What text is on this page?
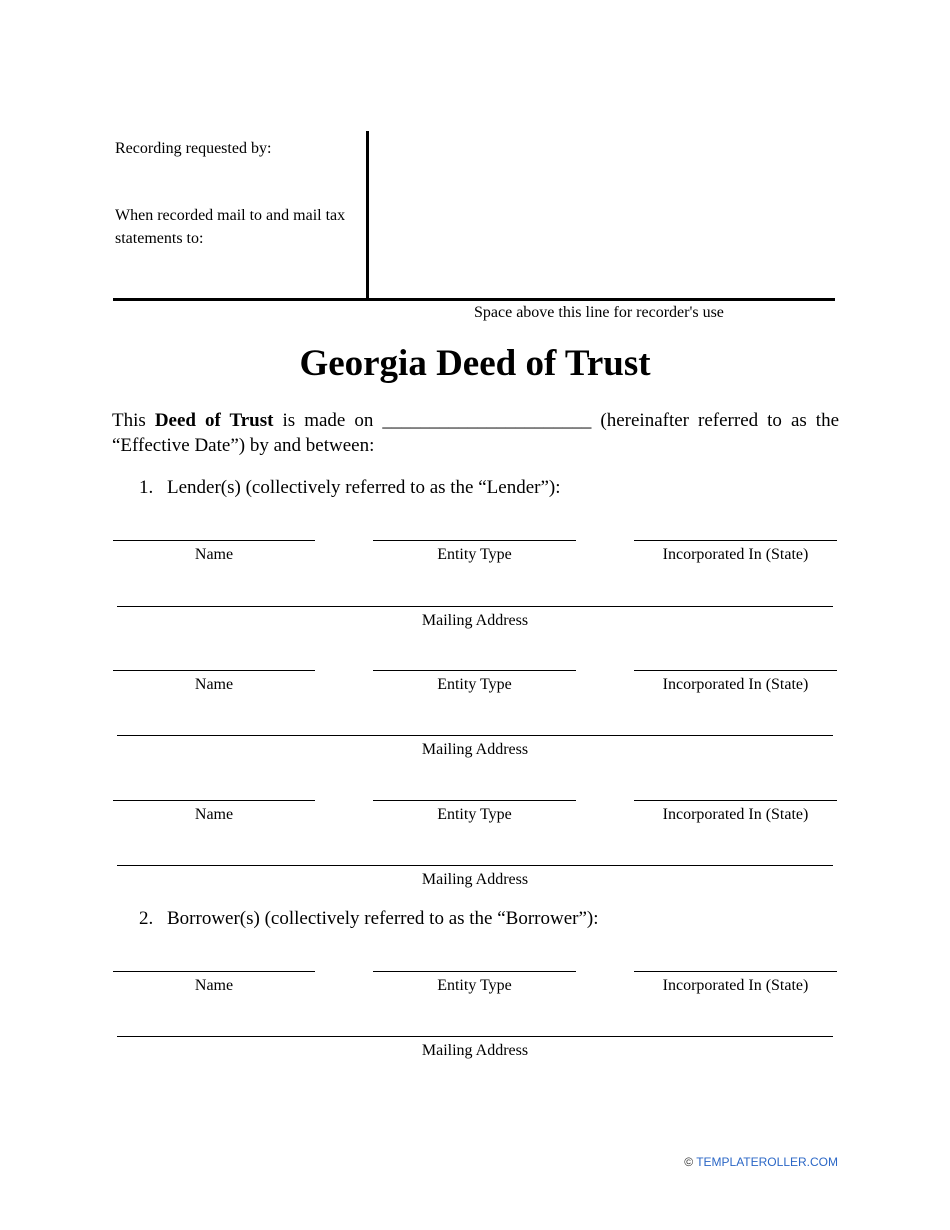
Recording requested by:
When recorded mail to and mail tax
statements to:
Space above this line for recorder's use
Georgia Deed of Trust
This Deed of Trust is made on ______________________ (hereinafter referred to as the “Effective Date”) by and between:
1. Lender(s) (collectively referred to as the “Lender”):
Name	Entity Type	Incorporated In (State)
Mailing Address
Name	Entity Type	Incorporated In (State)
Mailing Address
Name	Entity Type	Incorporated In (State)
Mailing Address
2. Borrower(s) (collectively referred to as the “Borrower”):
Name	Entity Type	Incorporated In (State)
Mailing Address
© TEMPLATEROLLER.COM
